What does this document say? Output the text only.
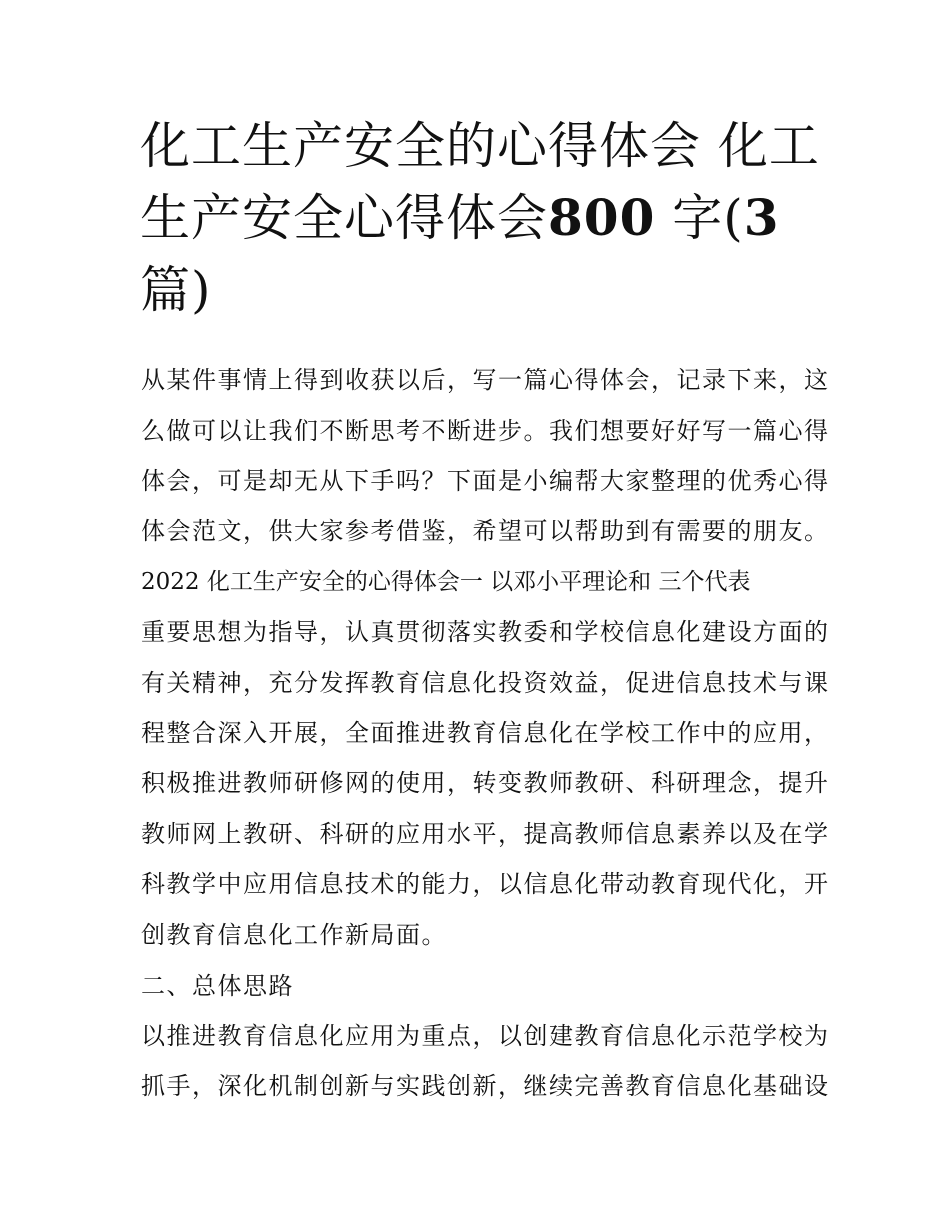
化工生产安全的心得体会 化工
生产安全心得体会800 字(3
篇)

从某件事情上得到收获以后，写一篇心得体会，记录下来，这

么做可以让我们不断思考不断进步。我们想要好好写一篇心得

体会，可是却无从下手吗？下面是小编帮大家整理的优秀心得

体会范文，供大家参考借鉴，希望可以帮助到有需要的朋友。

2022 化工生产安全的心得体会一 以邓小平理论和 三个代表

重要思想为指导，认真贯彻落实教委和学校信息化建设方面的

有关精神，充分发挥教育信息化投资效益，促进信息技术与课

程整合深入开展，全面推进教育信息化在学校工作中的应用，

积极推进教师研修网的使用，转变教师教研、科研理念，提升

教师网上教研、科研的应用水平，提高教师信息素养以及在学

科教学中应用信息技术的能力，以信息化带动教育现代化，开

创教育信息化工作新局面。

二、总体思路

以推进教育信息化应用为重点，以创建教育信息化示范学校为

抓手，深化机制创新与实践创新，继续完善教育信息化基础设
